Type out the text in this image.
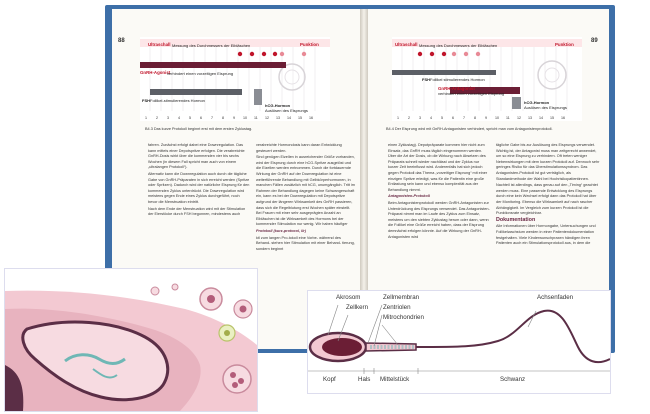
88
Ultraschall Messung des Durchmessers der Eibläschen	Punktion
GnRH-Agonist
verhindert einen vorzeitigen Eisprung
FSH Follikel-stimulierendes Hormon
hCG-Hormon
Auslösen des Eisprungs
1	2	3	4	5	6	7	8	9 10 11 12 13 14 15 16
B4.3 Das kurze Protokoll beginnt erst mit dem ersten Zyklustag.

fahren. Zunächst erfolgt dabei eine Downregulation. Das kann mittels einer Depotspritze erfolgen. Die verabreichte GnRH-Dosis wirkt über die kommenden vier bis sechs Wochen (in diesem Fall spricht man auch von einem „ultralangen Protokoll“).

Alternativ kann die Downregulation auch durch die tägliche Gabe von GnRH-Präparaten in sich erreicht werden (Spritze oder Spritzen). Dadurch wird der natürliche Eisprung für den kommenden Zyklus unterdrückt. Die Downregulation wird meistens gegen Ende eines Zyklus durchgeführt, noch bevor die Menstruation eintritt.

Nach dem Ende der Menstruation wird mit der Stimulation der Eierstöcke durch FSH begonnen, mindestens auch

verabreichte Hormondosis kann daran Entwicklung gesteuert werden.

Sind genügen Eizellen in ausreichender Größe vorhanden, wird der Eisprung durch eine hCG-Spritze ausgelöst und die Eizellen werden entnommen. Durch die fortdauernde Wirkung der GnRH auf der Downregulation ist eine weiterführende Behandlung mit Gelbkörperhormonen, in manchen Fällen zusätzlich mit hCG, unumgänglich. Tritt im Rahmen der Behandlung dagegen keine Schwangerschaft ein, kann es bei der Downregulation mit Depotspritze aufgrund der längeren Wirksamkeit des GnRH passieren, dass sich die Regelblutung erst Wochen später einstellt. Bei Frauen mit einer sehr ausgeprägten Anzahl an Eibläschen ist die Wirksamkeit des Hormons bei der kommender Stimulation nur wenig. Wir haben häufiger

Protokoll (kurz-protocol, llr)

ktl zum langen Pro-tokoll eine Vorbe- während des Behand- stehen hier Stimulation mit einer Behand- tierung, sondern beginnt

89
Ultraschall Messung des Durchmessers der Eibläschen	Punktion
FSH Follikel stimulierendes Hormon
GnRH-Antagonist
verhindert einen vorzeitigen Eisprung
hCG-Hormon
Auslösen des Eisprungs
1	2	3	4	5	6	7	8	9 10 11 12 13 14 15 16
B4.4 Der Eisprung wird mit GnRH-Antagonisten verhindert, spricht man vom Antagonistenprotokoll.

einen Zyklustag). Depotpräparate kommen hier nicht zum Einsatz, das GnRH muss täglich eingenommen werden. Über die Art der Dosis, ob die Wirkung nach Absetzen des Präparats schnell wieder nachlässt und der Zyklus nur kurzer Zeit beeinflusst wird. Anderenfalls hat sich jedoch gegen Protokoll das Thema „vorzeitiger Eisprung“ mit einer einzigen Spritze erledigt, was für die Patientin eine große Entlastung sein kann und ebenso komplexität aus der Behandlung nimmt.

Antagonisten-Protokoll

Beim Antagonistenprotokoll werden GnRH-Antagonisten zur Unterdrückung des Eisprungs verwendet. Das Antagonisten-Präparat nimmt man im Laufe des Zyklus zum Einsatz, meistens um den siebten Zyklustag herum oder dann, wenn die Follikel eine Größe erreicht haben, dass der Eisprung demnächst erfolgen könnte. Auf die Wirkung der GnRH-Antagonisten wird

tägliche Gabe bis zur Auslösung des Eisprungs verwendet. Wichtig ist, der Antagonist muss man zeitgerecht anwendet, um so eine Eisprung zu verhindern. Oft treten weniger Nebenwirkungen mit dem kurzen Protokoll auf. Dennoch sehr geringes Risiko für das Überstimulationssyndrom. Das Antagonisten-Protokoll ist gut verträglich, als Standardmethode der Wahl bei Hochrisikopatientinnen.

Nachteil ist allerdings, dass genau auf den „Timing“ geachtet werden muss. Eine passende Entwicklung des Eisprungs durch eine kein Wechsel erfolgt dann das Protokoll hat über der Monitoring. Ebenso die Wirksamkeit auf nach rascher Abhängigkeit. Im Vergleich zum kurzen Protokoll ist die Punktionsrate vergleichbar.

Dokumentation

Alle Informationen über Hormongabe, Untersuchungen und Follikelwachstum werden in einer Patientendokumentation festgehalten. Viele Kinderwunschpraxen händigen ihren Patienten auch ein Stimulationsprotokoll aus, in dem die

Akrosom
Zellkern
Zellmembran
Zentriolen
Mitrochondrien
Achsenfaden
Kopf	Hals Mittelstück	Schwanz
